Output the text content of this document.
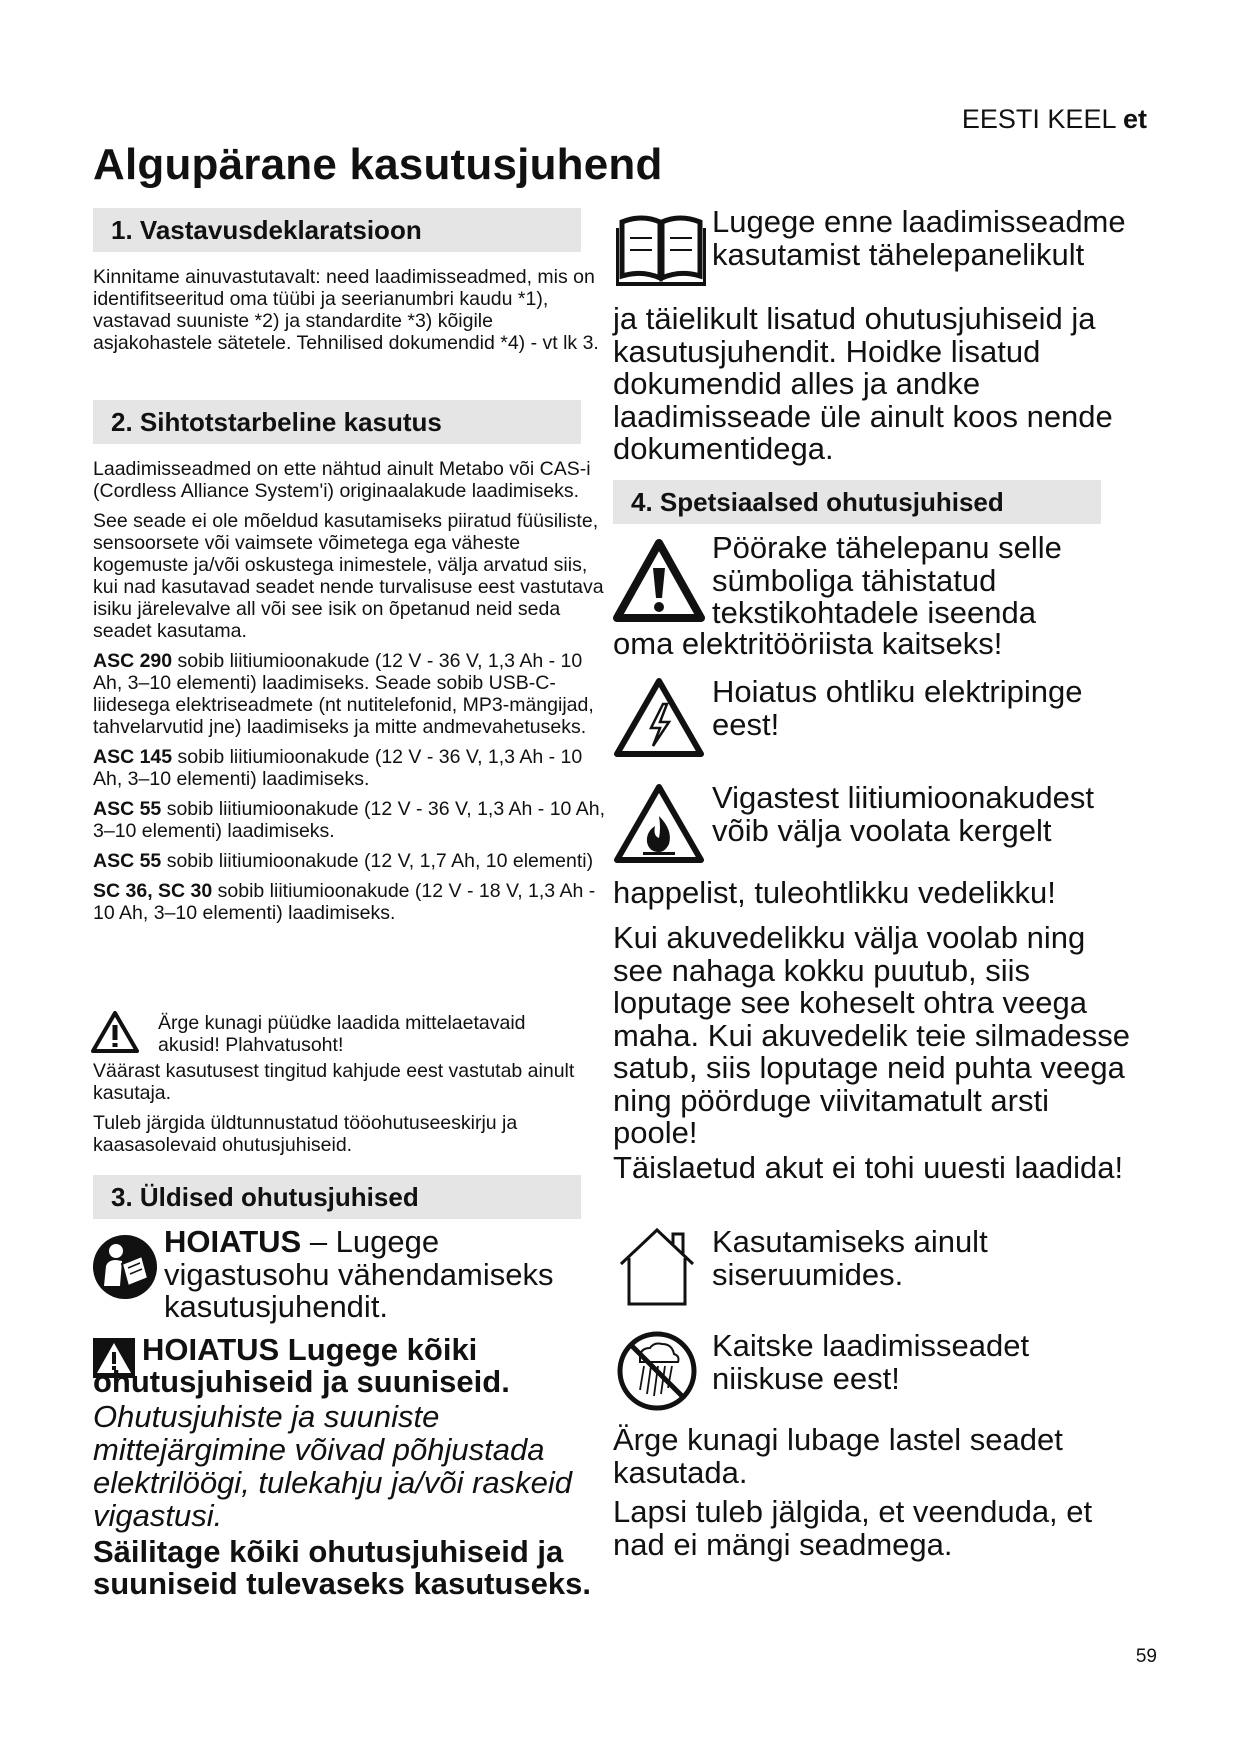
EESTI KEEL et
Algupärane kasutusjuhend
1. Vastavusdeklaratsioon

Kinnitame ainuvastutavalt: need laadimisseadmed, mis on identifitseeritud oma tüübi ja seerianumbri kaudu *1), vastavad suuniste *2) ja standardite *3) kõigile asjakohastele sätetele. Tehnilised dokumendid *4) - vt lk 3.

2. Sihtotstarbeline kasutus

Laadimisseadmed on ette nähtud ainult Metabo või CAS-i (Cordless Alliance System'i) originaalakude laadimiseks.

See seade ei ole mõeldud kasutamiseks piiratud füüsiliste, sensoorsete või vaimsete võimetega ega väheste kogemuste ja/või oskustega inimestele, välja arvatud siis, kui nad kasutavad seadet nende turvalisuse eest vastutava isiku järelevalve all või see isik on õpetanud neid seda seadet kasutama.

ASC 290 sobib liitiumioonakude (12 V - 36 V, 1,3 Ah - 10 Ah, 3–10 elementi) laadimiseks. Seade sobib USB-C-liidesega elektriseadmete (nt nutitelefonid, MP3-mängijad, tahvelarvutid jne) laadimiseks ja mitte andmevahetuseks.

ASC 145 sobib liitiumioonakude (12 V - 36 V, 1,3 Ah - 10 Ah, 3–10 elementi) laadimiseks.

ASC 55 sobib liitiumioonakude (12 V - 36 V, 1,3 Ah - 10 Ah, 3–10 elementi) laadimiseks.

ASC 55 sobib liitiumioonakude (12 V, 1,7 Ah, 10 elementi)

SC 36, SC 30 sobib liitiumioonakude (12 V - 18 V, 1,3 Ah - 10 Ah, 3–10 elementi) laadimiseks.

Ärge kunagi püüdke laadida mittelaetavaid akusid! Plahvatusoht!

Väärast kasutusest tingitud kahjude eest vastutab ainult kasutaja.

Tuleb järgida üldtunnustatud tööohutuseeskirju ja kaasasolevaid ohutusjuhiseid.

3. Üldised ohutusjuhised
HOIATUS – Lugege vigastusohu vähendamiseks kasutusjuhendit.
HOIATUS Lugege kõiki ohutusjuhiseid ja suuniseid.
Ohutusjuhiste ja suuniste mittejärgimine võivad põhjustada elektrilöögi, tulekahju ja/või raskeid vigastusi.
Säilitage kõiki ohutusjuhiseid ja suuniseid tulevaseks kasutuseks.
Lugege enne laadimisseadme kasutamist tähelepanelikult
ja täielikult lisatud ohutusjuhiseid ja kasutusjuhendit. Hoidke lisatud dokumendid alles ja andke laadimisseade üle ainult koos nende dokumentidega.
4. Spetsiaalsed ohutusjuhised
Pöörake tähelepanu selle sümboliga tähistatud tekstikohtadele iseenda
oma elektritööriista kaitseks!
Hoiatus ohtliku elektripinge eest!
Vigastest liitiumioonakudest võib välja voolata kergelt
happelist, tuleohtlikku vedelikku!
Kui akuvedelikku välja voolab ning see nahaga kokku puutub, siis loputage see koheselt ohtra veega maha. Kui akuvedelik teie silmadesse satub, siis loputage neid puhta veega ning pöörduge viivitamatult arsti poole!
Täislaetud akut ei tohi uuesti laadida!
Kasutamiseks ainult siseruumides.
Kaitske laadimisseadet niiskuse eest!
Ärge kunagi lubage lastel seadet kasutada.
Lapsi tuleb jälgida, et veenduda, et nad ei mängi seadmega.
59
